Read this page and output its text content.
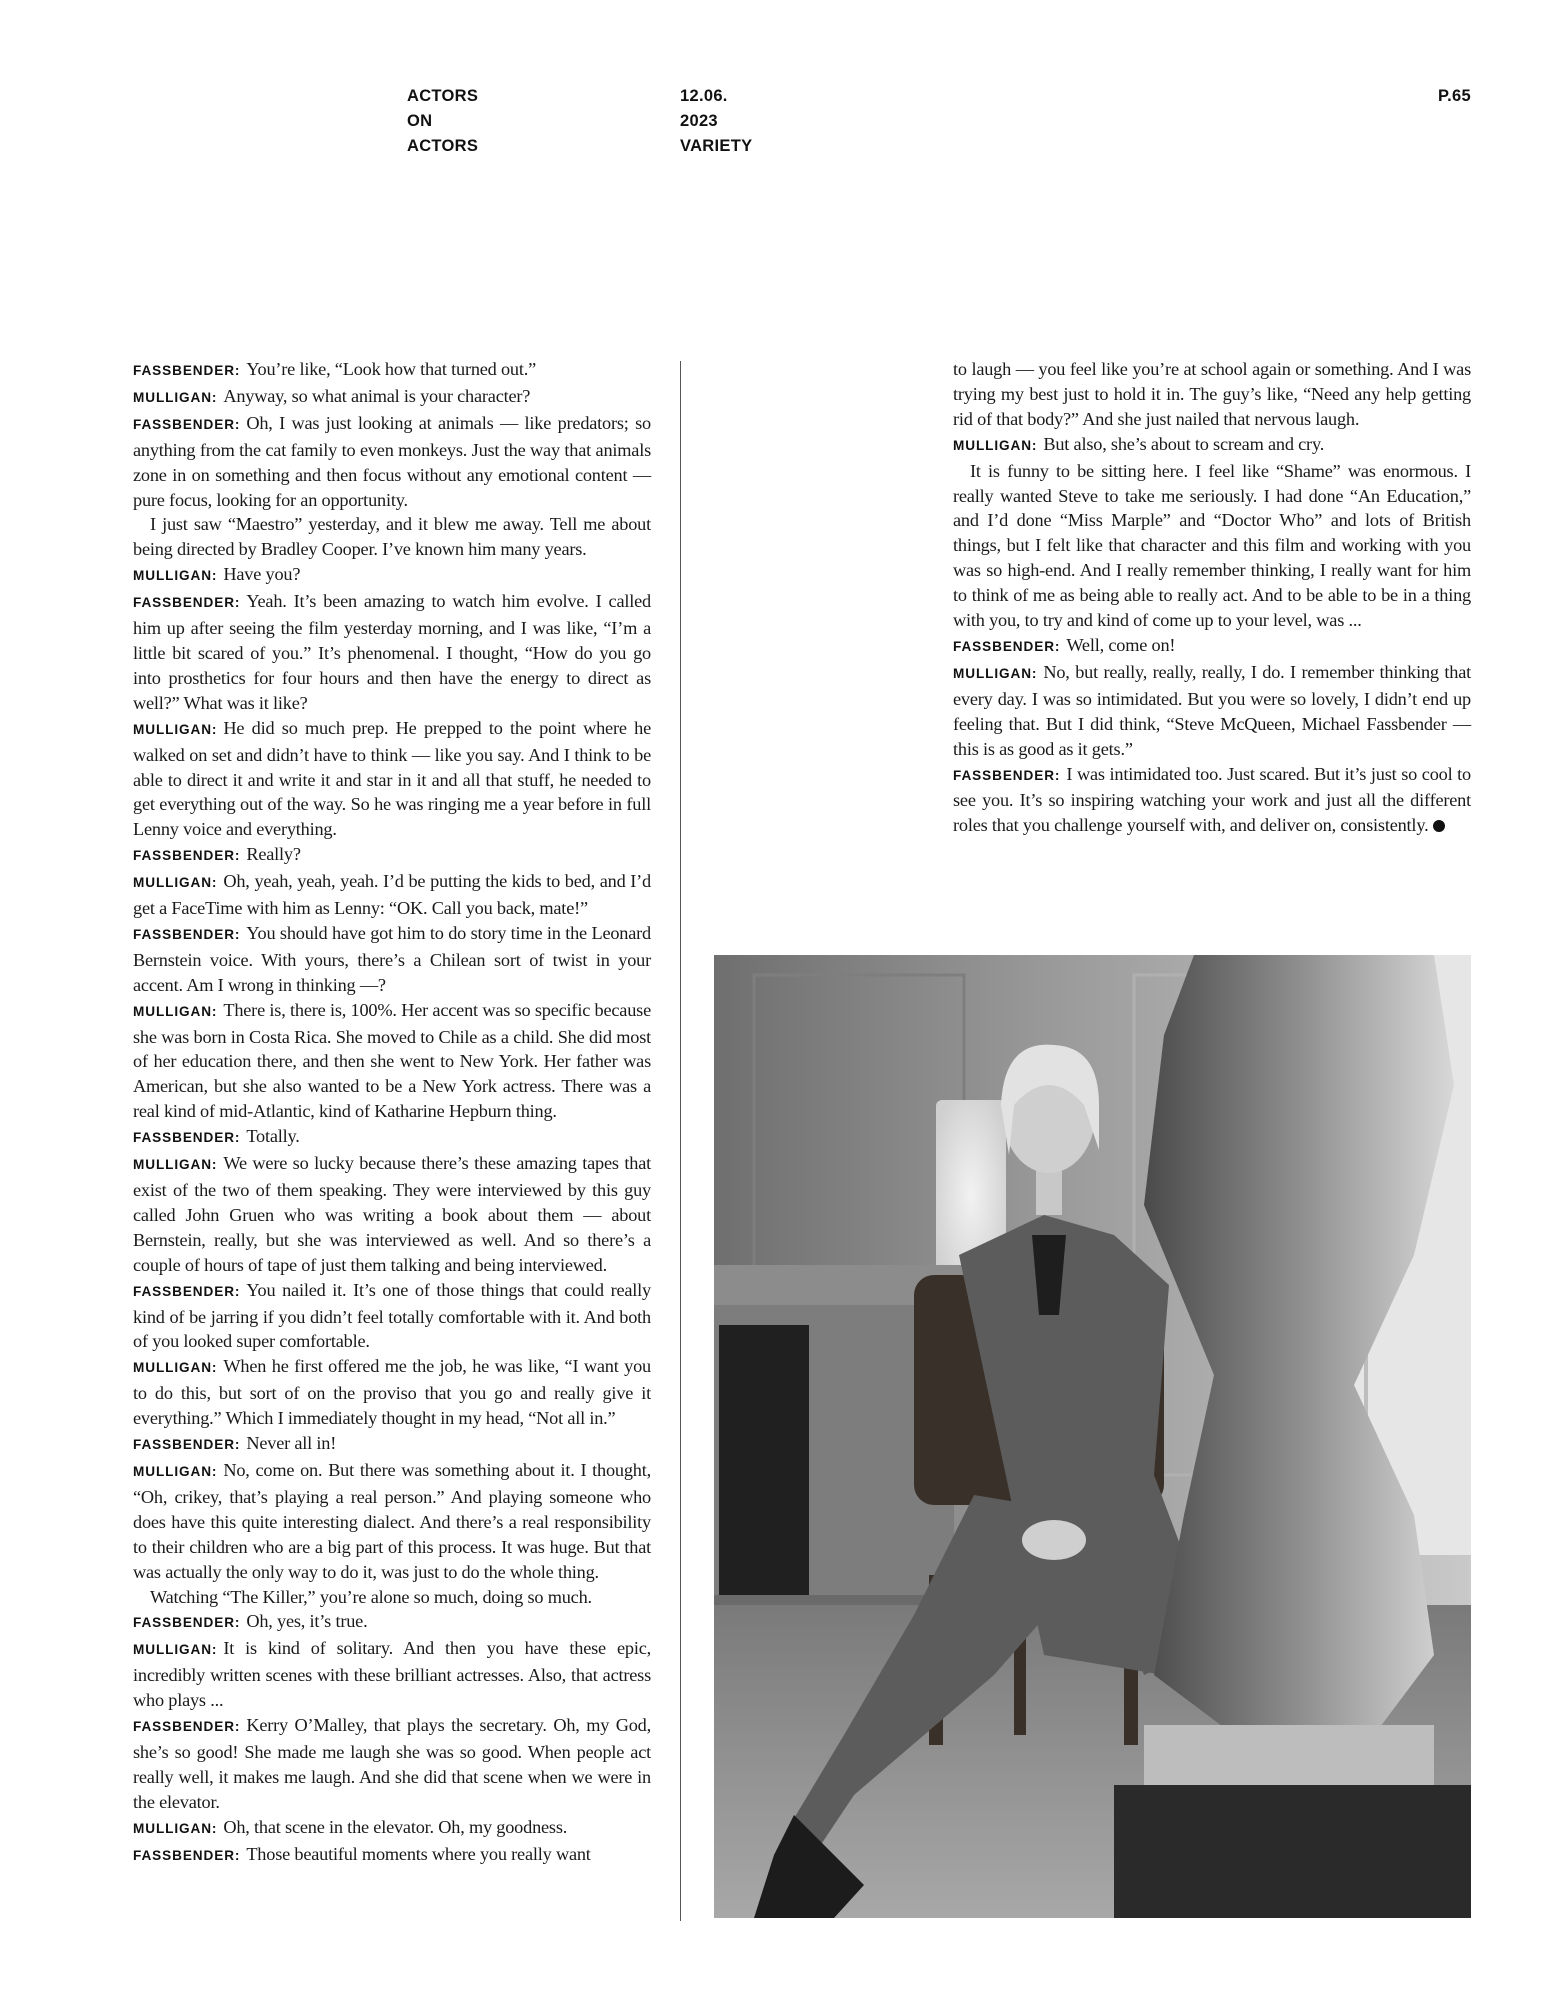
ACTORS
ON
ACTORS
12.06.
2023
VARIETY
P.65

FASSBENDER: You’re like, “Look how that turned out.”

MULLIGAN: Anyway, so what animal is your character?

FASSBENDER: Oh, I was just looking at animals — like predators; so anything from the cat family to even monkeys. Just the way that animals zone in on something and then focus without any emotional content — pure focus, looking for an opportunity.

I just saw “Maestro” yesterday, and it blew me away. Tell me about being directed by Bradley Cooper. I’ve known him many years.

MULLIGAN: Have you?

FASSBENDER: Yeah. It’s been amazing to watch him evolve. I called him up after seeing the film yesterday morning, and I was like, “I’m a little bit scared of you.” It’s phenomenal. I thought, “How do you go into prosthetics for four hours and then have the energy to direct as well?” What was it like?

MULLIGAN: He did so much prep. He prepped to the point where he walked on set and didn’t have to think — like you say. And I think to be able to direct it and write it and star in it and all that stuff, he needed to get everything out of the way. So he was ringing me a year before in full Lenny voice and everything.

FASSBENDER: Really?

MULLIGAN: Oh, yeah, yeah, yeah. I’d be putting the kids to bed, and I’d get a FaceTime with him as Lenny: “OK. Call you back, mate!”

FASSBENDER: You should have got him to do story time in the Leonard Bernstein voice. With yours, there’s a Chilean sort of twist in your accent. Am I wrong in thinking —?

MULLIGAN: There is, there is, 100%. Her accent was so specific because she was born in Costa Rica. She moved to Chile as a child. She did most of her education there, and then she went to New York. Her father was American, but she also wanted to be a New York actress. There was a real kind of mid-Atlantic, kind of Katharine Hepburn thing.

FASSBENDER: Totally.

MULLIGAN: We were so lucky because there’s these amazing tapes that exist of the two of them speaking. They were interviewed by this guy called John Gruen who was writing a book about them — about Bernstein, really, but she was interviewed as well. And so there’s a couple of hours of tape of just them talking and being interviewed.

FASSBENDER: You nailed it. It’s one of those things that could really kind of be jarring if you didn’t feel totally comfortable with it. And both of you looked super comfortable.

MULLIGAN: When he first offered me the job, he was like, “I want you to do this, but sort of on the proviso that you go and really give it everything.” Which I immediately thought in my head, “Not all in.”

FASSBENDER: Never all in!

MULLIGAN: No, come on. But there was something about it. I thought, “Oh, crikey, that’s playing a real person.” And playing someone who does have this quite interesting dialect. And there’s a real responsibility to their children who are a big part of this process. It was huge. But that was actually the only way to do it, was just to do the whole thing.

Watching “The Killer,” you’re alone so much, doing so much.

FASSBENDER: Oh, yes, it’s true.

MULLIGAN: It is kind of solitary. And then you have these epic, incredibly written scenes with these brilliant actresses. Also, that actress who plays ...

FASSBENDER: Kerry O’Malley, that plays the secretary. Oh, my God, she’s so good! She made me laugh she was so good. When people act really well, it makes me laugh. And she did that scene when we were in the elevator.

MULLIGAN: Oh, that scene in the elevator. Oh, my goodness.

FASSBENDER: Those beautiful moments where you really want

to laugh — you feel like you’re at school again or something. And I was trying my best just to hold it in. The guy’s like, “Need any help getting rid of that body?” And she just nailed that nervous laugh.

MULLIGAN: But also, she’s about to scream and cry.

It is funny to be sitting here. I feel like “Shame” was enormous. I really wanted Steve to take me seriously. I had done “An Education,” and I’d done “Miss Marple” and “Doctor Who” and lots of British things, but I felt like that character and this film and working with you was so high-end. And I really remember thinking, I really want for him to think of me as being able to really act. And to be able to be in a thing with you, to try and kind of come up to your level, was ...

FASSBENDER: Well, come on!

MULLIGAN: No, but really, really, really, I do. I remember thinking that every day. I was so intimidated. But you were so lovely, I didn’t end up feeling that. But I did think, “Steve McQueen, Michael Fassbender — this is as good as it gets.”

FASSBENDER: I was intimidated too. Just scared. But it’s just so cool to see you. It’s so inspiring watching your work and just all the different roles that you challenge yourself with, and deliver on, consistently.
